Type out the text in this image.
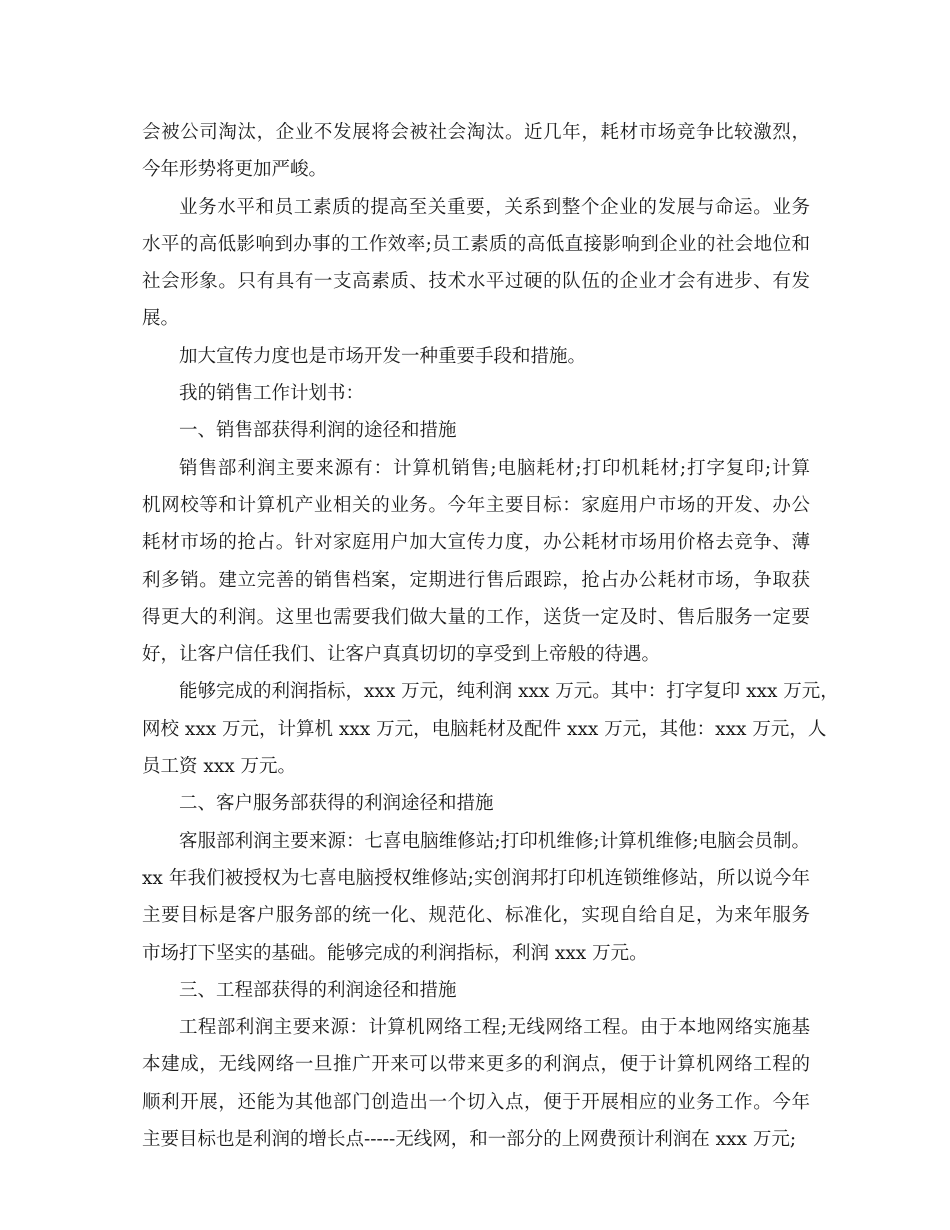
会被公司淘汰，企业不发展将会被社会淘汰。近几年，耗材市场竞争比较激烈，
今年形势将更加严峻。
业务水平和员工素质的提高至关重要，关系到整个企业的发展与命运。业务
水平的高低影响到办事的工作效率;员工素质的高低直接影响到企业的社会地位和
社会形象。只有具有一支高素质、技术水平过硬的队伍的企业才会有进步、有发
展。
加大宣传力度也是市场开发一种重要手段和措施。
我的销售工作计划书：
一、销售部获得利润的途径和措施
销售部利润主要来源有：计算机销售;电脑耗材;打印机耗材;打字复印;计算
机网校等和计算机产业相关的业务。今年主要目标：家庭用户市场的开发、办公
耗材市场的抢占。针对家庭用户加大宣传力度，办公耗材市场用价格去竞争、薄
利多销。建立完善的销售档案，定期进行售后跟踪，抢占办公耗材市场，争取获
得更大的利润。这里也需要我们做大量的工作，送货一定及时、售后服务一定要
好，让客户信任我们、让客户真真切切的享受到上帝般的待遇。
能够完成的利润指标，xxx 万元，纯利润 xxx 万元。其中：打字复印 xxx 万元，
网校 xxx 万元，计算机 xxx 万元，电脑耗材及配件 xxx 万元，其他：xxx 万元，人
员工资 xxx 万元。
二、客户服务部获得的利润途径和措施
客服部利润主要来源：七喜电脑维修站;打印机维修;计算机维修;电脑会员制。
xx 年我们被授权为七喜电脑授权维修站;实创润邦打印机连锁维修站，所以说今年
主要目标是客户服务部的统一化、规范化、标准化，实现自给自足，为来年服务
市场打下坚实的基础。能够完成的利润指标，利润 xxx 万元。
三、工程部获得的利润途径和措施
工程部利润主要来源：计算机网络工程;无线网络工程。由于本地网络实施基
本建成，无线网络一旦推广开来可以带来更多的利润点，便于计算机网络工程的
顺利开展，还能为其他部门创造出一个切入点，便于开展相应的业务工作。今年
主要目标也是利润的增长点-----无线网，和一部分的上网费预计利润在 xxx 万元;
